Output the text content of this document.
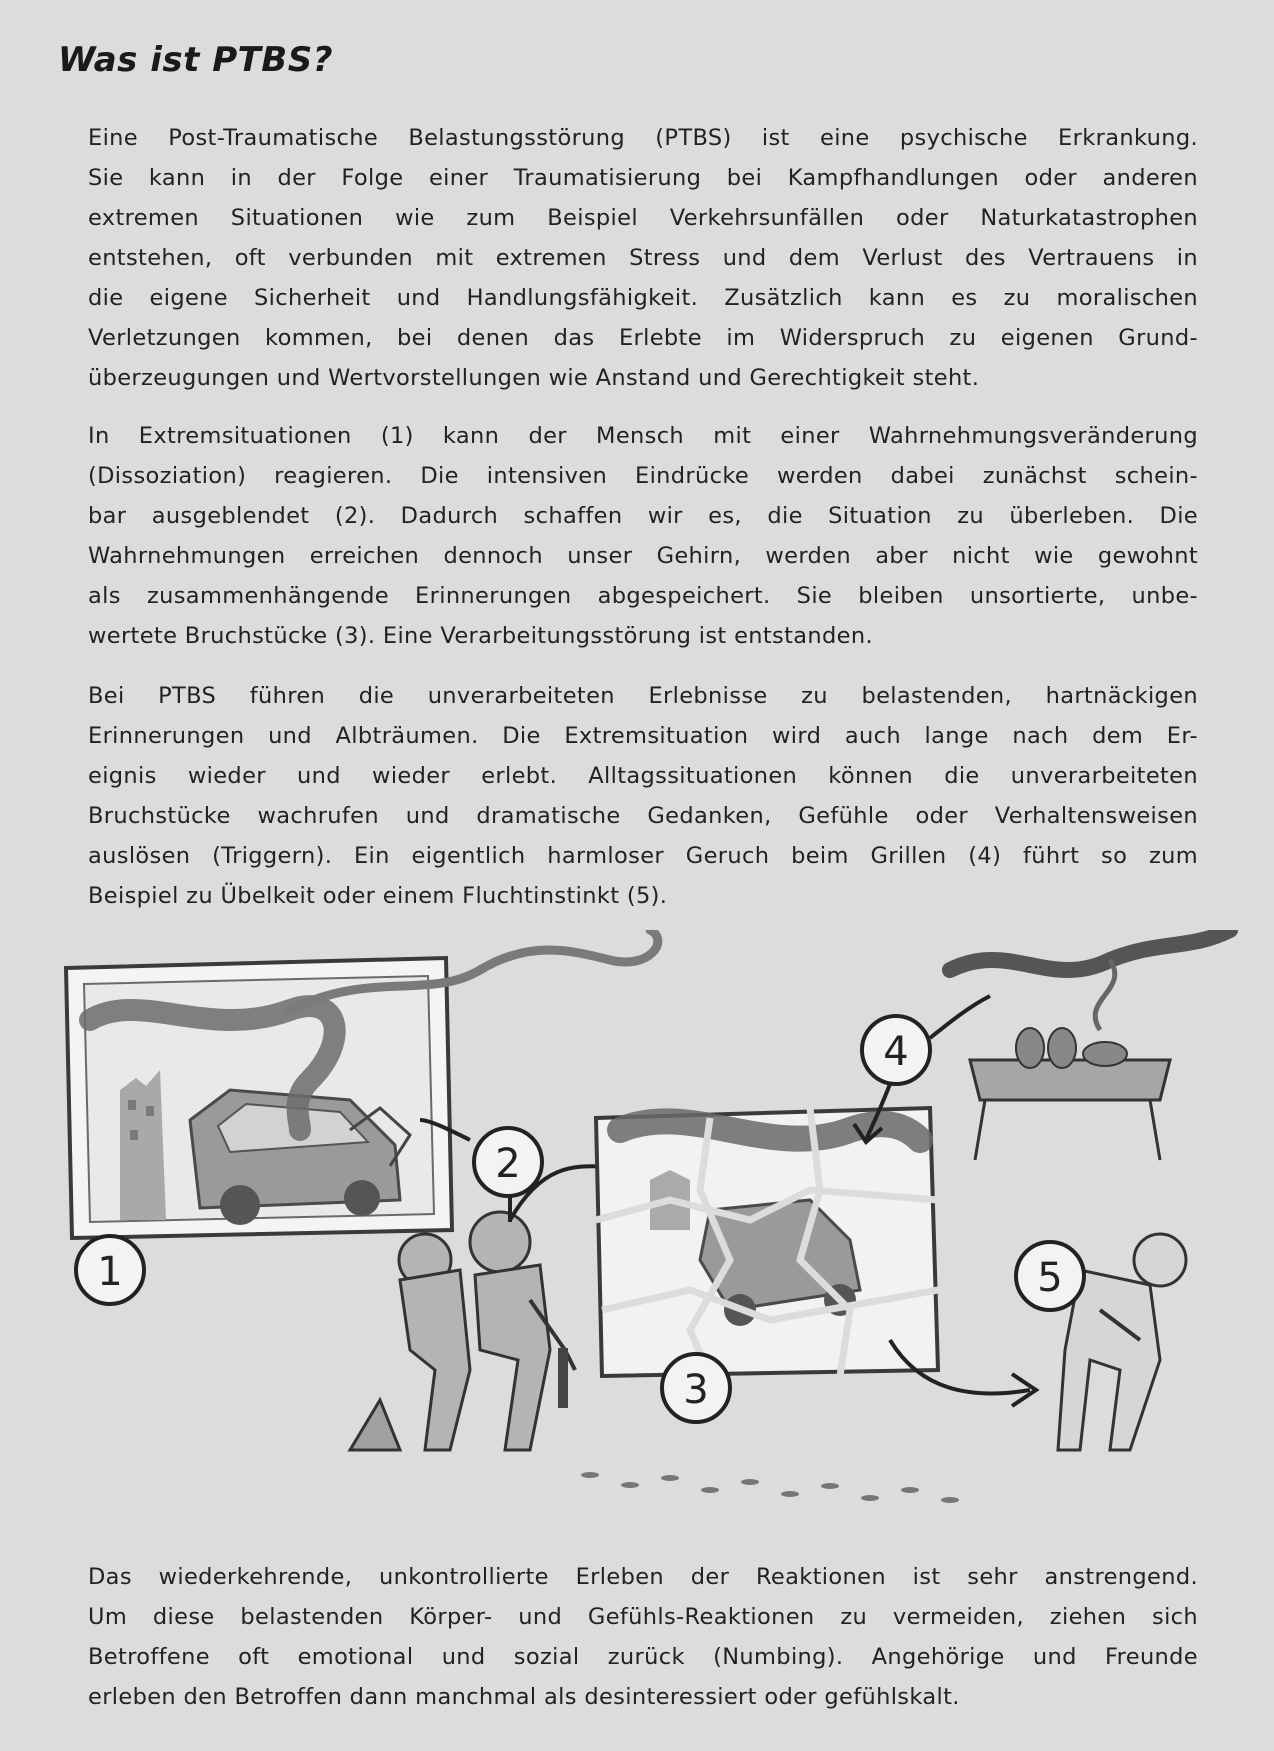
Was ist PTBS?
Eine Post-Traumatische Belastungsstörung (PTBS) ist eine psychische Erkrankung.
Sie kann in der Folge einer Traumatisierung bei Kampfhandlungen oder anderen
extremen Situationen wie zum Beispiel Verkehrsunfällen oder Naturkatastrophen
entstehen, oft verbunden mit extremen Stress und dem Verlust des Vertrauens in
die eigene Sicherheit und Handlungsfähigkeit. Zusätzlich kann es zu moralischen
Verletzungen kommen, bei denen das Erlebte im Widerspruch zu eigenen Grund-
überzeugungen und Wertvorstellungen wie Anstand und Gerechtigkeit steht.
In Extremsituationen (1) kann der Mensch mit einer Wahrnehmungsveränderung
(Dissoziation) reagieren. Die intensiven Eindrücke werden dabei zunächst schein-
bar ausgeblendet (2). Dadurch schaffen wir es, die Situation zu überleben. Die
Wahrnehmungen erreichen dennoch unser Gehirn, werden aber nicht wie gewohnt
als zusammenhängende Erinnerungen abgespeichert. Sie bleiben unsortierte, unbe-
wertete Bruchstücke (3). Eine Verarbeitungsstörung ist entstanden.
Bei PTBS führen die unverarbeiteten Erlebnisse zu belastenden, hartnäckigen
Erinnerungen und Albträumen. Die Extremsituation wird auch lange nach dem Er-
eignis wieder und wieder erlebt. Alltagssituationen können die unverarbeiteten
Bruchstücke wachrufen und dramatische Gedanken, Gefühle oder Verhaltensweisen
auslösen (Triggern). Ein eigentlich harmloser Geruch beim Grillen (4) führt so zum
Beispiel zu Übelkeit oder einem Fluchtinstinkt (5).
1
2
3
4
5
Das wiederkehrende, unkontrollierte Erleben der Reaktionen ist sehr anstrengend.
Um diese belastenden Körper- und Gefühls-Reaktionen zu vermeiden, ziehen sich
Betroffene oft emotional und sozial zurück (Numbing). Angehörige und Freunde
erleben den Betroffen dann manchmal als desinteressiert oder gefühlskalt.
